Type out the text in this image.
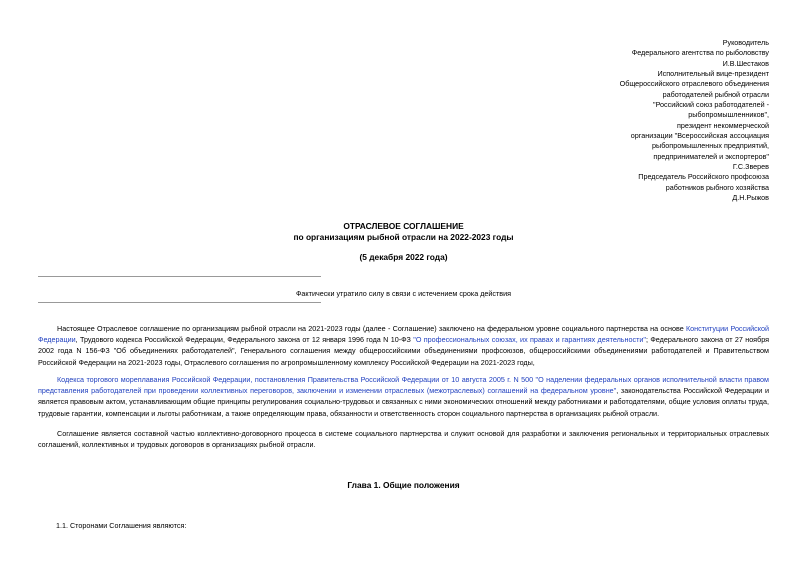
Руководитель
Федерального агентства по рыболовству
И.В.Шестаков
Исполнительный вице-президент
Общероссийского отраслевого объединения
работодателей рыбной отрасли
"Российский союз работодателей -
рыбопромышленников",
президент некоммерческой
организации "Всероссийская ассоциация
рыбопромышленных предприятий,
предпринимателей и экспортеров"
Г.С.Зверев
Председатель Российского профсоюза
работников рыбного хозяйства
Д.Н.Рыжов
ОТРАСЛЕВОЕ СОГЛАШЕНИЕ
по организациям рыбной отрасли на 2022-2023 годы
(5 декабря 2022 года)
Фактически утратило силу в связи с истечением срока действия

Настоящее Отраслевое соглашение по организациям рыбной отрасли на 2021-2023 годы (далее - Соглашение) заключено на федеральном уровне социального партнерства на основе Конституции Российской Федерации, Трудового кодекса Российской Федерации, Федерального закона от 12 января 1996 года N 10-ФЗ "О профессиональных союзах, их правах и гарантиях деятельности"; Федерального закона от 27 ноября 2002 года N 156-ФЗ "Об объединениях работодателей", Генерального соглашения между общероссийскими объединениями профсоюзов, общероссийскими объединениями работодателей и Правительством Российской Федерации на 2021-2023 годы, Отраслевого соглашения по агропромышленному комплексу Российской Федерации на 2021-2023 годы,

Кодекса торгового мореплавания Российской Федерации, постановления Правительства Российской Федерации от 10 августа 2005 г. N 500 "О наделении федеральных органов исполнительной власти правом представления работодателей при проведении коллективных переговоров, заключении и изменении отраслевых (межотраслевых) соглашений на федеральном уровне", законодательства Российской Федерации и является правовым актом, устанавливающим общие принципы регулирования социально-трудовых и связанных с ними экономических отношений между работниками и работодателями, общие условия оплаты труда, трудовые гарантии, компенсации и льготы работникам, а также определяющим права, обязанности и ответственность сторон социального партнерства в организациях рыбной отрасли.

Соглашение является составной частью коллективно-договорного процесса в системе социального партнерства и служит основой для разработки и заключения региональных и территориальных отраслевых соглашений, коллективных и трудовых договоров в организациях рыбной отрасли.

Глава 1. Общие положения
1.1. Сторонами Соглашения являются:
